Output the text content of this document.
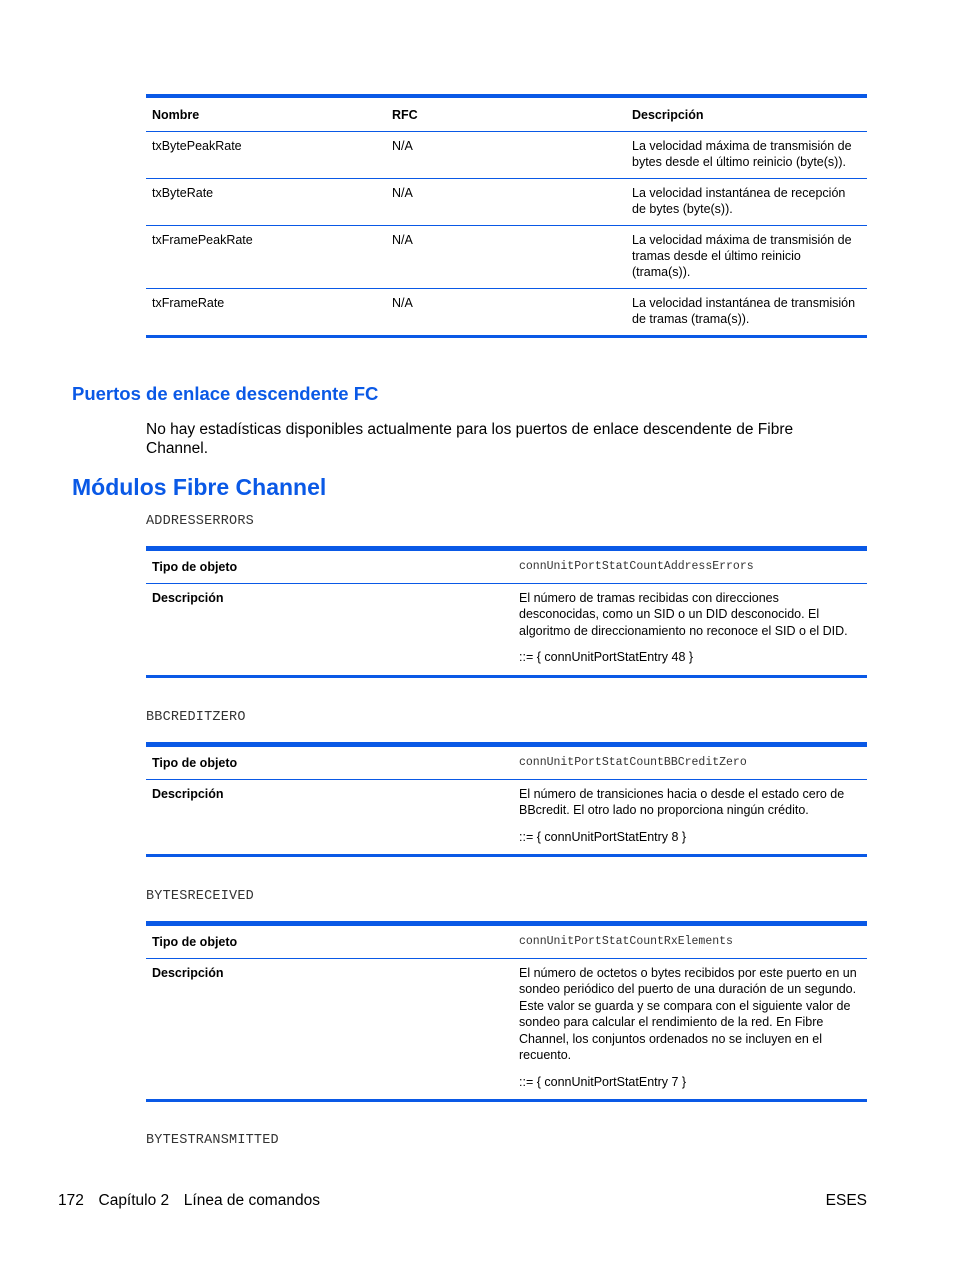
Nombre	RFC	Descripción
txBytePeakRate	N/A	La velocidad máxima de transmisión de bytes desde el último reinicio (byte(s)).
txByteRate	N/A	La velocidad instantánea de recepción de bytes (byte(s)).
txFramePeakRate	N/A	La velocidad máxima de transmisión de tramas desde el último reinicio (trama(s)).
txFrameRate	N/A	La velocidad instantánea de transmisión de tramas (trama(s)).
Puertos de enlace descendente FC
No hay estadísticas disponibles actualmente para los puertos de enlace descendente de Fibre Channel.
Módulos Fibre Channel
ADDRESSERRORS
Tipo de objeto	connUnitPortStatCountAddressErrors
Descripción	El número de tramas recibidas con direcciones desconocidas, como un SID o un DID desconocido. El algoritmo de direccionamiento no reconoce el SID o el DID.

::= { connUnitPortStatEntry 48 }

BBCREDITZERO
Tipo de objeto	connUnitPortStatCountBBCreditZero
Descripción	El número de transiciones hacia o desde el estado cero de BBcredit. El otro lado no proporciona ningún crédito.

::= { connUnitPortStatEntry 8 }

BYTESRECEIVED
Tipo de objeto	connUnitPortStatCountRxElements
Descripción	El número de octetos o bytes recibidos por este puerto en un sondeo periódico del puerto de una duración de un segundo. Este valor se guarda y se compara con el siguiente valor de sondeo para calcular el rendimiento de la red. En Fibre Channel, los conjuntos ordenados no se incluyen en el recuento.

::= { connUnitPortStatEntry 7 }

BYTESTRANSMITTED
172 Capítulo 2 Línea de comandos	ESES
